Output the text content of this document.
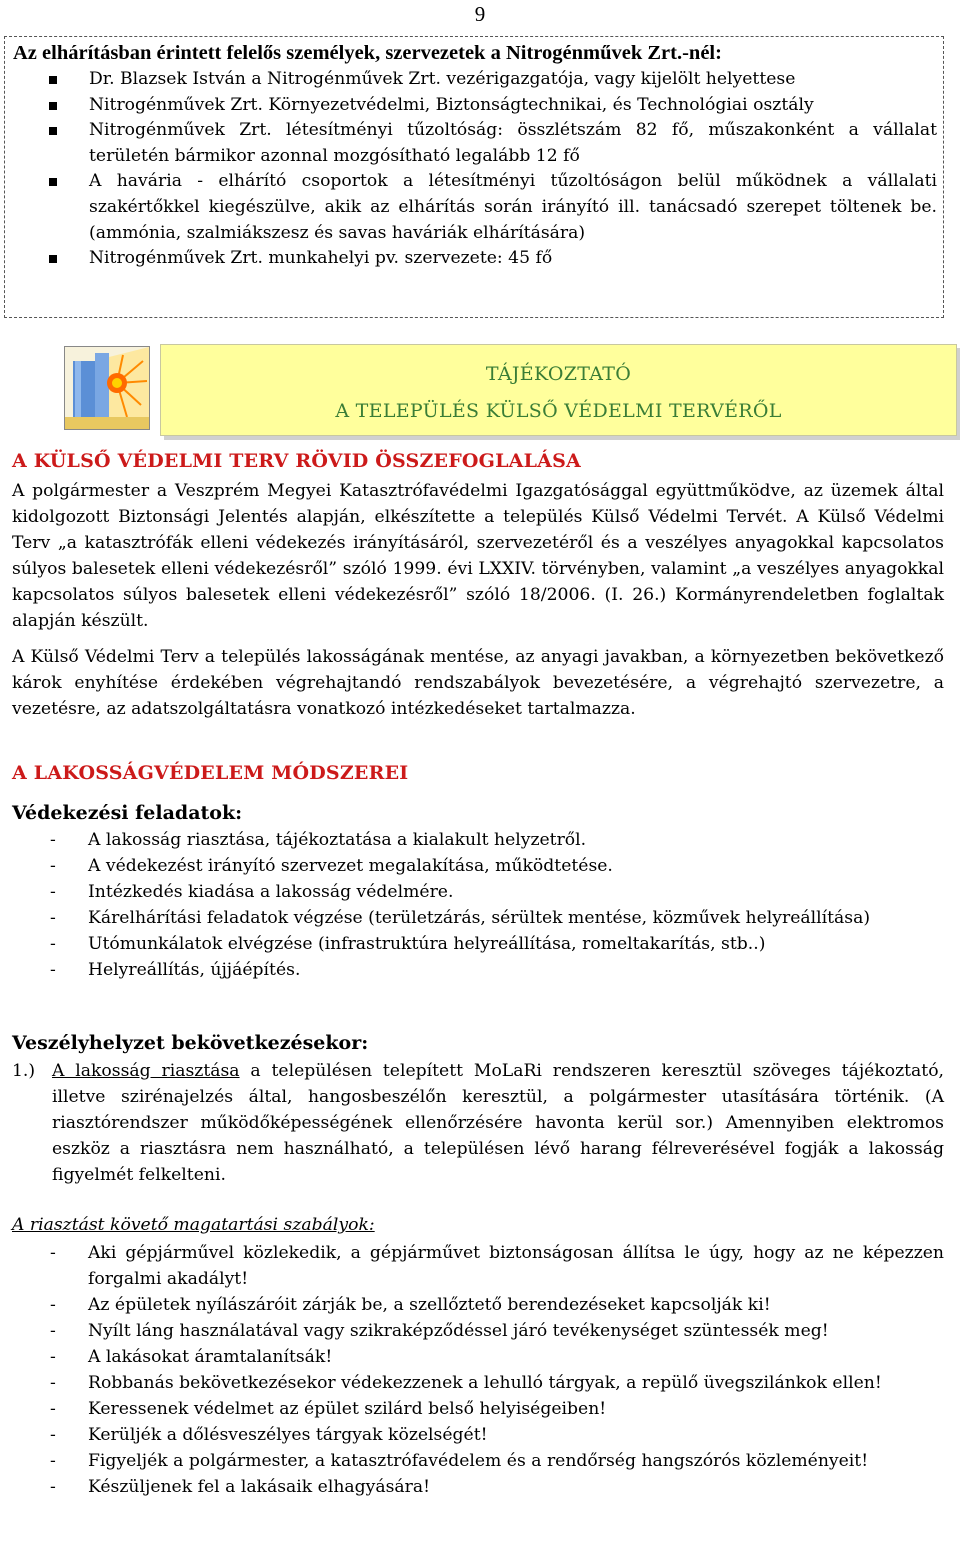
9

Az elhárításban érintett felelős személyek, szervezetek a Nitrogénművek Zrt.-nél:

Dr. Blazsek István a Nitrogénművek Zrt. vezérigazgatója, vagy kijelölt helyettese
Nitrogénművek Zrt. Környezetvédelmi, Biztonságtechnikai, és Technológiai osztály
Nitrogénművek Zrt. létesítményi tűzoltóság: összlétszám 82 fő, műszakonként a vállalat területén bármikor azonnal mozgósítható legalább 12 fő
A havária - elhárító csoportok a létesítményi tűzoltóságon belül működnek a vállalati szakértőkkel kiegészülve, akik az elhárítás során irányító ill. tanácsadó szerepet töltenek be. (ammónia, szalmiákszesz és savas haváriák elhárítására)
Nitrogénművek Zrt. munkahelyi pv. szervezete: 45 fő
TÁJÉKOZTATÓ
A TELEPÜLÉS KÜLSŐ VÉDELMI TERVÉRŐL
A KÜLSŐ VÉDELMI TERV RÖVID ÖSSZEFOGLALÁSA

A polgármester a Veszprém Megyei Katasztrófavédelmi Igazgatósággal együttműködve, az üzemek által kidolgozott Biztonsági Jelentés alapján, elkészítette a település Külső Védelmi Tervét. A Külső Védelmi Terv „a katasztrófák elleni védekezés irányításáról, szervezetéről és a veszélyes anyagokkal kapcsolatos súlyos balesetek elleni védekezésről” szóló 1999. évi LXXIV. törvényben, valamint „a veszélyes anyagokkal kapcsolatos súlyos balesetek elleni védekezésről” szóló 18/2006. (I. 26.) Kormányrendeletben foglaltak alapján készült.

A Külső Védelmi Terv a település lakosságának mentése, az anyagi javakban, a környezetben bekövetkező károk enyhítése érdekében végrehajtandó rendszabályok bevezetésére, a végrehajtó szervezetre, a vezetésre, az adatszolgáltatásra vonatkozó intézkedéseket tartalmazza.

A LAKOSSÁGVÉDELEM MÓDSZEREI
Védekezési feladatok:
- A lakosság riasztása, tájékoztatása a kialakult helyzetről.
- A védekezést irányító szervezet megalakítása, működtetése.
- Intézkedés kiadása a lakosság védelmére.
- Kárelhárítási feladatok végzése (területzárás, sérültek mentése, közművek helyreállítása)
- Utómunkálatok elvégzése (infrastruktúra helyreállítása, romeltakarítás, stb..)
- Helyreállítás, újjáépítés.
Veszélyhelyzet bekövetkezésekor:

1.) A lakosság riasztása a településen telepített MoLaRi rendszeren keresztül szöveges tájékoztató, illetve szirénajelzés által, hangosbeszélőn keresztül, a polgármester utasítására történik. (A riasztórendszer működőképességének ellenőrzésére havonta kerül sor.) Amennyiben elektromos eszköz a riasztásra nem használható, a településen lévő harang félreverésével fogják a lakosság figyelmét felkelteni.

A riasztást követő magatartási szabályok:
- Aki gépjárművel közlekedik, a gépjárművet biztonságosan állítsa le úgy, hogy az ne képezzen forgalmi akadályt!
- Az épületek nyílászáróit zárják be, a szellőztető berendezéseket kapcsolják ki!
- Nyílt láng használatával vagy szikraképződéssel járó tevékenységet szüntessék meg!
- A lakásokat áramtalanítsák!
- Robbanás bekövetkezésekor védekezzenek a lehulló tárgyak, a repülő üvegszilánkok ellen!
- Keressenek védelmet az épület szilárd belső helyiségeiben!
- Kerüljék a dőlésveszélyes tárgyak közelségét!
- Figyeljék a polgármester, a katasztrófavédelem és a rendőrség hangszórós közleményeit!
- Készüljenek fel a lakásaik elhagyására!
